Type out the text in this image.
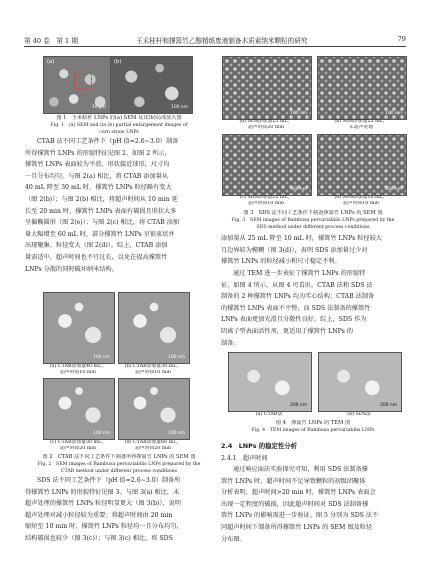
第 40 卷　第 1 期	王禾桂杆和撑篙竹乙醇精练废液制备木质素纳米颗粒的研究	79
(a)
10 µm
(b)
100 nm
图 1　玉米秸秆 LNPs 的(a) SEM 及其(b)局部放大图
Fig. 1　(a) SEM and its (b) partial enlargement images of
corn straw LNPs
CTAB 法不同工艺条件下（pH 值=2.6~3.0）制备
所得撑篙竹 LNPs 的形貌特征见图 2。如图 2 所示，
撑篙竹 LNPs 表面较为平滑，形状接近球形，尺寸均
一且分布均匀。与图 2(a) 相比，将 CTAB 添加量从
40 mL 降至 30 mL 时，撑篙竹 LNPs 粒径略有变大
（图 2(b)）；与图 2(b) 相比，将超声时间从 10 min 延
长至 20 min 时，撑篙竹 LNPs 表面有破损且形状大多
呈偏椭圆形（图 2(e)）；与图 2(c) 相比，将 CTAB 添加
量大幅增至 60 mL 时，部分撑篙竹 LNPs 呈银束状并
出现聚集、粒径变大（图 2(d)）。综上，CTAB 添加
量需适中，超声时间也不宜过长，以免在提高撑篙竹
LNPs 分散的同时破坏纳米结构。
100 nm	100 nm
(a) CTAB添加量40 mL，
超声时间10 min
(b) CTAB添加量30 mL，
超声时间10 min
100 nm	100 nm
(c) CTAB添加量30 mL，
超声时间20 min
(d) CTAB添加量60 mL，
超声时间20 min
图 2　CTAB 法不同工艺条件下制备所得撑篙竹 LNPs 的 SEM 图
Fig. 2　SEM images of Bambusa pervariabilis LNPs prepared by the
CTAB method under different process conditions
SDS 法不同工艺条件下（pH 值=2.6~3.0）制备所
得撑篙竹 LNPs 的形貌特征见图 3。与图 3(a) 相比，未
超声处理的撑篙竹 LNPs 粒径明显更大（图 3(b)），说明
超声处理对减小粒径较为重要；将超声时间由 20 min
缩短至 10 min 时，撑篙竹 LNPs 粒径均一且分布均匀，
结构破损也较少（图 3(c)）；与图 3(c) 相比，将 SDS
100 nm	100 nm
(a) SDS添加量25 mL，
超声时间20 min
(b) SDS添加量25 mL，
未超声处理
300 nm	300 nm
(c) SDS添加量25 mL，
超声时间10 min
(d) SDS添加量10 mL，
超声时间10 min
图 3　SDS 法不同工艺条件下制备撑篙竹 LNPs 的 SEM 图
Fig. 3　SEM images of Bambusa pervariabilis LNPs prepared by the
SDS method under different process conditions
添加量从 25 mL 降至 10 mL 时，撑篙竹 LNPs 粒径较大
且边界较为模糊（图 3(d)），表明 SDS 添加量过少对
撑篙竹 LNPs 的粒径减小和尺寸稳定不利。
通过 TEM 进一步表征了撑篙竹 LNPs 的形貌特
征，如图 4 所示。从图 4 可看出，CTAB 法和 SDS 法
制备的 2 种撑篙竹 LNPs 均为实心结构；CTAB 法制备
的撑篙竹 LNPs 表面不平整，而 SDS 法制备的撑篙竹
LNPs 表面更加光滑且分散性良好。综上，SDS 作为
阴离子型表面活性剂，更适用于撑篙竹 LNPs 的
制备。
200 nm	200 nm
(a) CTAB法	(b) SDS法
图 4　撑篙竹 LNPs 的 TEM 图
Fig. 4　TEM images of Bambusa pervariabilis LNPs
2.4　LNPs 的稳定性分析
2.4.1　超声时间
通过响应面法实验探究可知，利用 SDS 法制备撑
篙竹 LNPs 时，超声时间不足导致颗粒的初级团聚体
分析表明，超声时间>20 min 时，撑篙竹 LNPs 表面会
出现一定程度的破损，因此超声时间对 SDS 法制备撑
篙竹 LNPs 的影响需进一步验证。图 5 分别为 SDS 法不
同超声时间下制备所得撑篙竹 LNPs 的 SEM 图及粒径
分布图。
